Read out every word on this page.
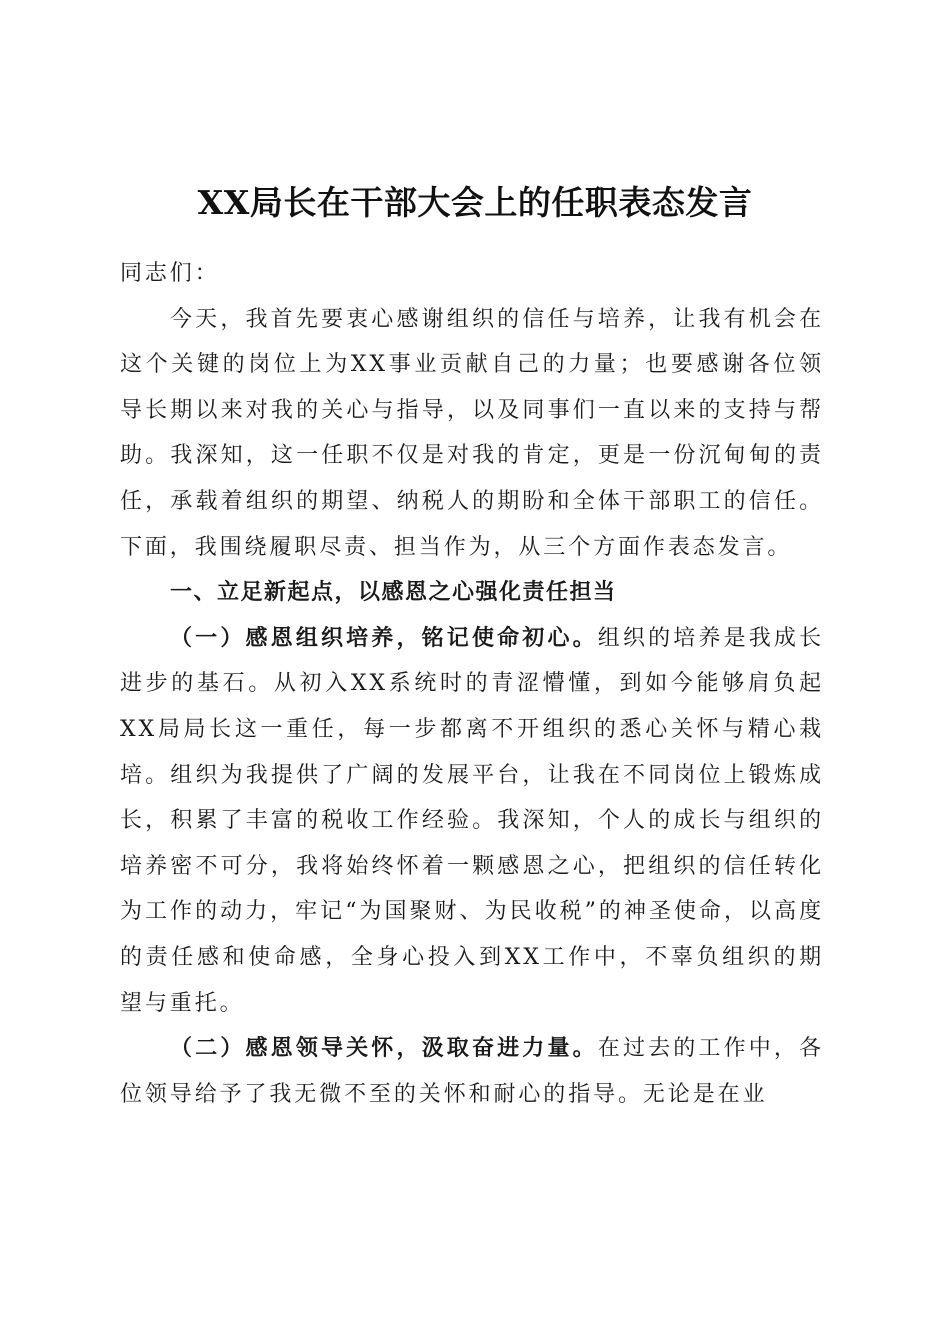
XX局长在干部大会上的任职表态发言

同志们：

今天，我首先要衷心感谢组织的信任与培养，让我有机会在这个关键的岗位上为XX事业贡献自己的力量；也要感谢各位领导长期以来对我的关心与指导，以及同事们一直以来的支持与帮助。我深知，这一任职不仅是对我的肯定，更是一份沉甸甸的责任，承载着组织的期望、纳税人的期盼和全体干部职工的信任。下面，我围绕履职尽责、担当作为，从三个方面作表态发言。

一、立足新起点，以感恩之心强化责任担当

（一）感恩组织培养，铭记使命初心。组织的培养是我成长进步的基石。从初入XX系统时的青涩懵懂，到如今能够肩负起XX局局长这一重任，每一步都离不开组织的悉心关怀与精心栽培。组织为我提供了广阔的发展平台，让我在不同岗位上锻炼成长，积累了丰富的税收工作经验。我深知，个人的成长与组织的培养密不可分，我将始终怀着一颗感恩之心，把组织的信任转化为工作的动力，牢记“为国聚财、为民收税”的神圣使命，以高度的责任感和使命感，全身心投入到XX工作中，不辜负组织的期望与重托。

（二）感恩领导关怀，汲取奋进力量。在过去的工作中，各位领导给予了我无微不至的关怀和耐心的指导。无论是在业
